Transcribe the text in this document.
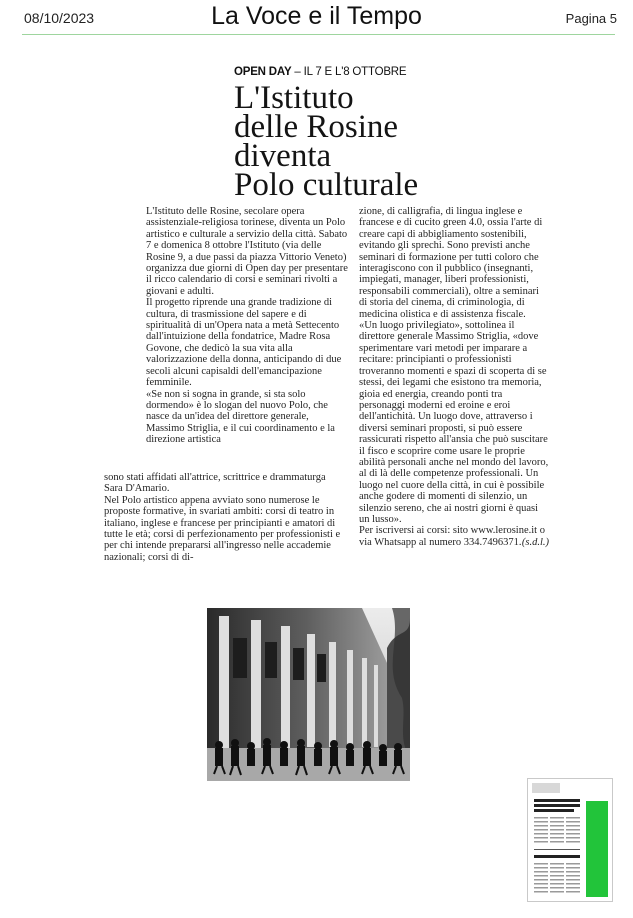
08/10/2023	La Voce e il Tempo	Pagina 5
OPEN DAY – IL 7 E L'8 OTTOBRE
L'Istituto
delle Rosine
diventa
Polo culturale

L'Istituto delle Rosine, secolare opera assistenziale-religiosa torinese, diventa un Polo artistico e culturale a servizio della città. Sabato 7 e domenica 8 ottobre l'Istituto (via delle Rosine 9, a due passi da piazza Vittorio Veneto) organizza due giorni di Open day per presentare il ricco calendario di corsi e seminari rivolti a giovani e adulti.

Il progetto riprende una grande tradizione di cultura, di trasmissione del sapere e di spiritualità di un'Opera nata a metà Settecento dall'intuizione della fondatrice, Madre Rosa Govone, che dedicò la sua vita alla valorizzazione della donna, anticipando di due secoli alcuni capisaldi dell'emancipazione femminile.

«Se non si sogna in grande, si sta solo dormendo» è lo slogan del nuovo Polo, che nasce da un'idea del direttore generale, Massimo Striglia, e il cui coordinamento e la direzione artistica

zione, di calligrafia, di lingua inglese e francese e di cucito green 4.0, ossia l'arte di creare capi di abbigliamento sostenibili, evitando gli sprechi. Sono previsti anche seminari di formazione per tutti coloro che interagiscono con il pubblico (insegnanti, impiegati, manager, liberi professionisti, responsabili commerciali), oltre a seminari di storia del cinema, di criminologia, di medicina olistica e di assistenza fiscale.

«Un luogo privilegiato», sottolinea il direttore generale Massimo Striglia, «dove sperimentare vari metodi per imparare a recitare: principianti o professionisti troveranno momenti e spazi di scoperta di se stessi, dei legami che esistono tra memoria, gioia ed energia, creando ponti tra personaggi moderni ed eroine e eroi dell'antichità. Un luogo dove, attraverso i diversi seminari proposti, si può essere rassicurati rispetto all'ansia che può suscitare il fisco e scoprire come usare le proprie abilità personali anche nel mondo del lavoro, al di là delle competenze professionali. Un luogo nel cuore della città, in cui è possibile anche godere di momenti di silenzio, un silenzio sereno, che ai nostri giorni è quasi un lusso».

Per iscriversi ai corsi: sito www.lerosine.it o via Whatsapp al numero 334.7496371. (s.d.l.)

sono stati affidati all'attrice, scrittrice e drammaturga Sara D'Amario.

Nel Polo artistico appena avviato sono numerose le proposte formative, in svariati ambiti: corsi di teatro in italiano, inglese e francese per principianti e amatori di tutte le età; corsi di perfezionamento per professionisti e per chi intende prepararsi all'ingresso nelle accademie nazionali; corsi di di-
